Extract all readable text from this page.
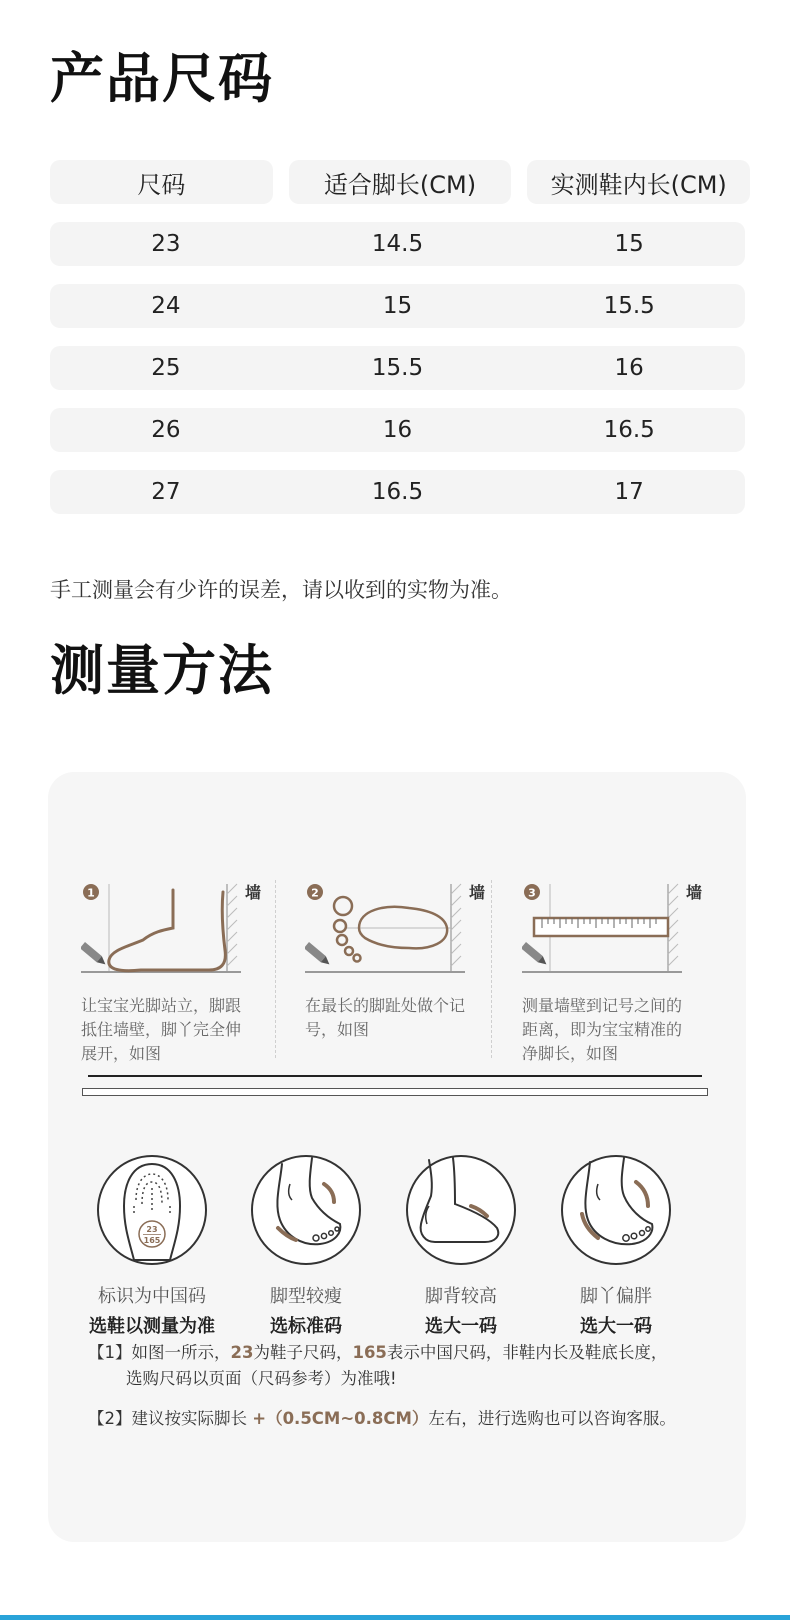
产品尺码
尺码	适合脚长(CM)	实测鞋内长(CM)
23	14.5	15
24	15	15.5
25	15.5	16
26	16	16.5
27	16.5	17
手工测量会有少许的误差，请以收到的实物为准。
测量方法
1	墙
让宝宝光脚站立，脚跟抵住墙壁，脚丫完全伸展开，如图
2	墙
在最长的脚趾处做个记号，如图
3	墙
测量墙壁到记号之间的距离，即为宝宝精准的净脚长，如图
23
165
标识为中国码
选鞋以测量为准
脚型较瘦
选标准码
脚背较高
选大一码
脚丫偏胖
选大一码
【1】如图一所示，23为鞋子尺码，165表示中国尺码，非鞋内长及鞋底长度，
选购尺码以页面（尺码参考）为准哦!
【2】建议按实际脚长 +（0.5CM~0.8CM）左右，进行选购也可以咨询客服。
